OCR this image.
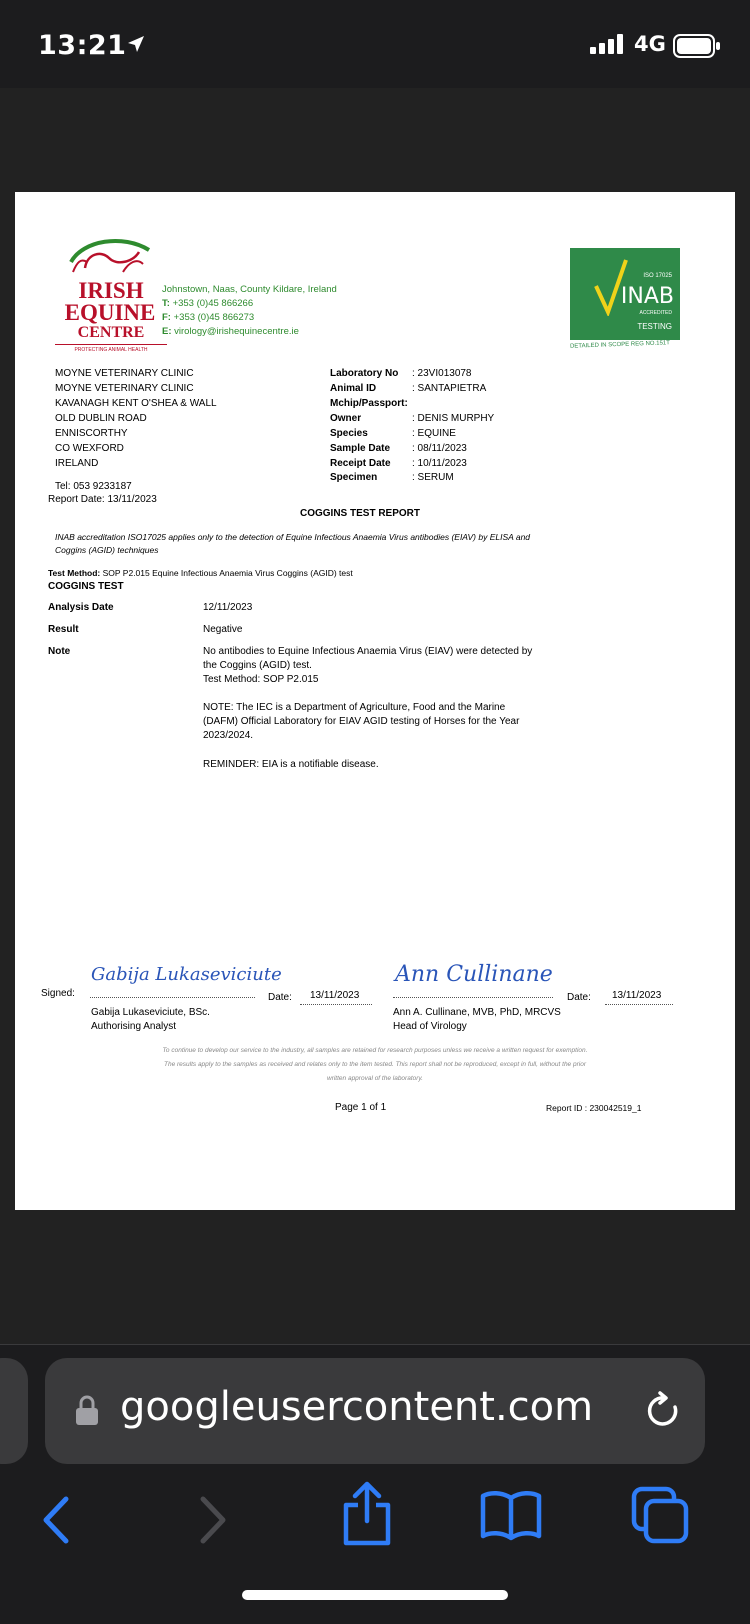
13:21	4G
IRISH
EQUINE
CENTRE
PROTECTING ANIMAL HEALTH
Johnstown, Naas, County Kildare, Ireland
T: +353 (0)45 866266
F: +353 (0)45 866273
E: virology@irishequinecentre.ie
ISO 17025
INAB
ACCREDITED
TESTING
DETAILED IN SCOPE REG NO.151T
MOYNE VETERINARY CLINIC
MOYNE VETERINARY CLINIC
KAVANAGH KENT O'SHEA & WALL
OLD DUBLIN ROAD
ENNISCORTHY
CO WEXFORD
IRELAND
Tel: 053 9233187
Report Date: 13/11/2023
Laboratory No : 23VI013078
Animal ID	: SANTAPIETRA
Mchip/Passport:
Owner	: DENIS MURPHY
Species	: EQUINE
Sample Date : 08/11/2023
Receipt Date : 10/11/2023
Specimen	: SERUM
COGGINS TEST REPORT
INAB accreditation ISO17025 applies only to the detection of Equine Infectious Anaemia Virus antibodies (EIAV) by ELISA and
Coggins (AGID) techniques
Test Method: SOP P2.015 Equine Infectious Anaemia Virus Coggins (AGID) test
COGGINS TEST
Analysis Date	12/11/2023
Result	Negative
Note	No antibodies to Equine Infectious Anaemia Virus (EIAV) were detected by
the Coggins (AGID) test.
Test Method: SOP P2.015
NOTE: The IEC is a Department of Agriculture, Food and the Marine
(DAFM) Official Laboratory for EIAV AGID testing of Horses for the Year
2023/2024.
REMINDER: EIA is a notifiable disease.
Signed:
Gabija Lukaseviciute
Date: 13/11/2023
Gabija Lukaseviciute, BSc.
Authorising Analyst
Ann Cullinane
Date: 13/11/2023
Ann A. Cullinane, MVB, PhD, MRCVS
Head of Virology
To continue to develop our service to the industry, all samples are retained for research purposes unless we receive a written request for exemption.
The results apply to the samples as received and relates only to the item tested. This report shall not be reproduced, except in full, without the prior
written approval of the laboratory.
Page 1 of 1	Report ID : 230042519_1
googleusercontent.com
